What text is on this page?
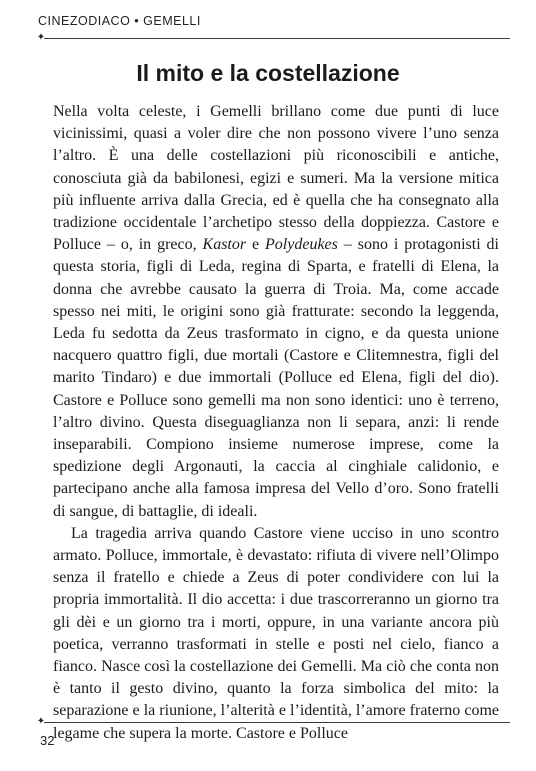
CINEZODIACO • GEMELLI
✦
Il mito e la costellazione

Nella volta celeste, i Gemelli brillano come due punti di luce vicinissimi, quasi a voler dire che non possono vivere l’uno senza l’altro. È una delle costellazioni più riconoscibili e antiche, conosciuta già da babilonesi, egizi e sumeri. Ma la versione mitica più influente arriva dalla Grecia, ed è quella che ha consegnato alla tradizione occidentale l’archetipo stesso della doppiezza. Castore e Polluce – o, in greco, Kastor e Polydeukes – sono i protagonisti di questa storia, figli di Leda, regina di Sparta, e fratelli di Elena, la donna che avrebbe causato la guerra di Troia. Ma, come accade spesso nei miti, le origini sono già fratturate: secondo la leggenda, Leda fu sedotta da Zeus trasformato in cigno, e da questa unione nacquero quattro figli, due mortali (Castore e Clitemnestra, figli del marito Tindaro) e due immortali (Polluce ed Elena, figli del dio). Castore e Polluce sono gemelli ma non sono identici: uno è terreno, l’altro divino. Questa diseguaglianza non li separa, anzi: li rende inseparabili. Compiono insieme numerose imprese, come la spedizione degli Argonauti, la caccia al cinghiale calidonio, e partecipano anche alla famosa impresa del Vello d’oro. Sono fratelli di sangue, di battaglie, di ideali.

La tragedia arriva quando Castore viene ucciso in uno scontro armato. Polluce, immortale, è devastato: rifiuta di vivere nell’Olimpo senza il fratello e chiede a Zeus di poter condividere con lui la propria immortalità. Il dio accetta: i due trascorreranno un giorno tra gli dèi e un giorno tra i morti, oppure, in una variante ancora più poetica, verranno trasformati in stelle e posti nel cielo, fianco a fianco. Nasce così la costellazione dei Gemelli. Ma ciò che conta non è tanto il gesto divino, quanto la forza simbolica del mito: la separazione e la riunione, l’alterità e l’identità, l’amore fraterno come legame che supera la morte. Castore e Polluce

✦
32
